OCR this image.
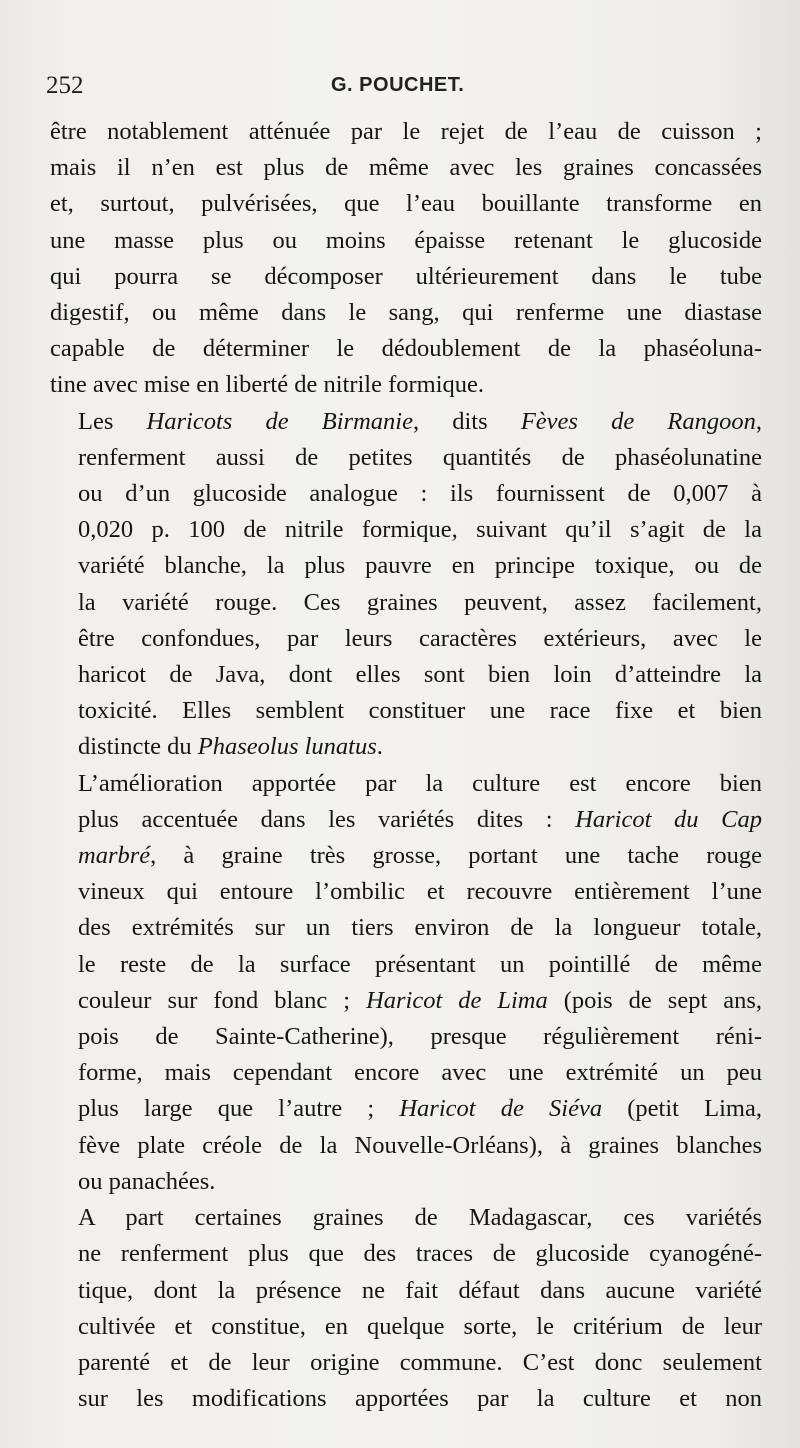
252	G. POUCHET.

être notablement atténuée par le rejet de l’eau de cuisson ;
mais il n’en est plus de même avec les graines concassées
et, surtout, pulvérisées, que l’eau bouillante transforme en
une masse plus ou moins épaisse retenant le glucoside
qui pourra se décomposer ultérieurement dans le tube
digestif, ou même dans le sang, qui renferme une diastase
capable de déterminer le dédoublement de la phaséoluna-
tine avec mise en liberté de nitrile formique.

Les Haricots de Birmanie, dits Fèves de Rangoon,
renferment aussi de petites quantités de phaséolunatine
ou d’un glucoside analogue : ils fournissent de 0,007 à
0,020 p. 100 de nitrile formique, suivant qu’il s’agit de la
variété blanche, la plus pauvre en principe toxique, ou de
la variété rouge. Ces graines peuvent, assez facilement,
être confondues, par leurs caractères extérieurs, avec le
haricot de Java, dont elles sont bien loin d’atteindre la
toxicité. Elles semblent constituer une race fixe et bien
distincte du Phaseolus lunatus.

L’amélioration apportée par la culture est encore bien
plus accentuée dans les variétés dites : Haricot du Cap
marbré, à graine très grosse, portant une tache rouge
vineux qui entoure l’ombilic et recouvre entièrement l’une
des extrémités sur un tiers environ de la longueur totale,
le reste de la surface présentant un pointillé de même
couleur sur fond blanc ; Haricot de Lima (pois de sept ans,
pois de Sainte-Catherine), presque régulièrement réni-
forme, mais cependant encore avec une extrémité un peu
plus large que l’autre ; Haricot de Siéva (petit Lima,
fève plate créole de la Nouvelle-Orléans), à graines blanches
ou panachées.

A part certaines graines de Madagascar, ces variétés
ne renferment plus que des traces de glucoside cyanogéné-
tique, dont la présence ne fait défaut dans aucune variété
cultivée et constitue, en quelque sorte, le critérium de leur
parenté et de leur origine commune. C’est donc seulement
sur les modifications apportées par la culture et non
